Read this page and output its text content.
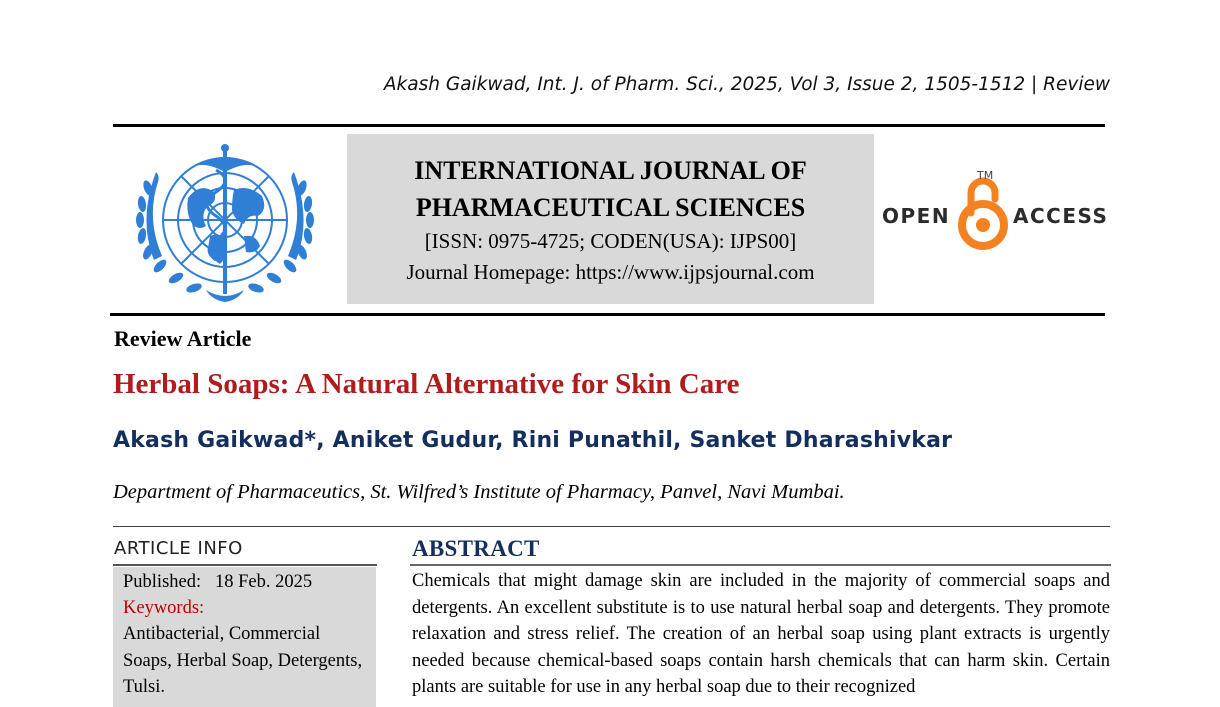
Akash Gaikwad, Int. J. of Pharm. Sci., 2025, Vol 3, Issue 2, 1505-1512 | Review
INTERNATIONAL JOURNAL OF
PHARMACEUTICAL SCIENCES
[ISSN: 0975-4725; CODEN(USA): IJPS00]
Journal Homepage: https://www.ijpsjournal.com
OPEN
TM
ACCESS
Review Article
Herbal Soaps: A Natural Alternative for Skin Care
Akash Gaikwad*, Aniket Gudur, Rini Punathil, Sanket Dharashivkar
Department of Pharmaceutics, St. Wilfred’s Institute of Pharmacy, Panvel, Navi Mumbai.
ARTICLE INFO
Published:   18 Feb. 2025
Keywords:
Antibacterial, Commercial Soaps, Herbal Soap, Detergents, Tulsi.
ABSTRACT
Chemicals that might damage skin are included in the majority of commercial soaps and detergents. An excellent substitute is to use natural herbal soap and detergents. They promote relaxation and stress relief. The creation of an herbal soap using plant extracts is urgently needed because chemical-based soaps contain harsh chemicals that can harm skin. Certain plants are suitable for use in any herbal soap due to their recognized
